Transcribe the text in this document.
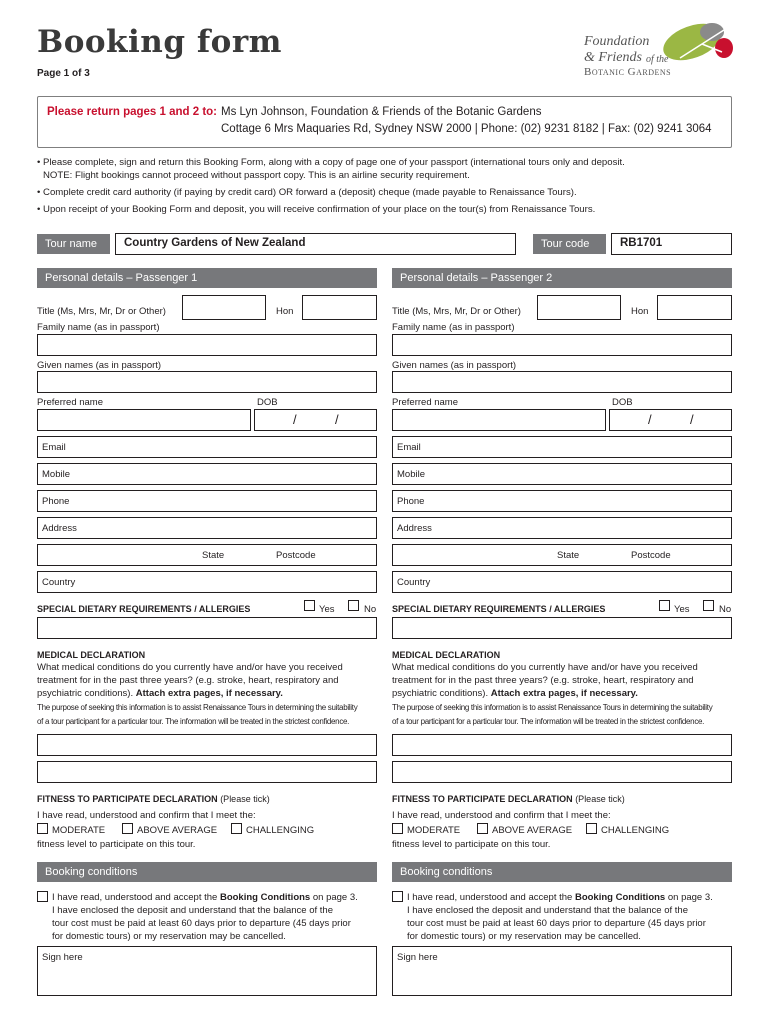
Booking form
Page 1 of 3
Foundation
& Friends of the
Botanic Gardens
Please return pages 1 and 2 to: Ms Lyn Johnson, Foundation & Friends of the Botanic Gardens
Cottage 6 Mrs Maquaries Rd, Sydney NSW 2000 | Phone: (02) 9231 8182 | Fax: (02) 9241 3064
• Please complete, sign and return this Booking Form, along with a copy of page one of your passport (international tours only and deposit.
NOTE: Flight bookings cannot proceed without passport copy. This is an airline security requirement.
• Complete credit card authority (if paying by credit card) OR forward a (deposit) cheque (made payable to Renaissance Tours).
• Upon receipt of your Booking Form and deposit, you will receive confirmation of your place on the tour(s) from Renaissance Tours.
Tour name	Country Gardens of New Zealand	Tour code	RB1701
Personal details – Passenger 1
Title (Ms, Mrs, Mr, Dr or Other)	Hon
Family name (as in passport)
Given names (as in passport)
Preferred name	DOB
/	/
Email
Mobile
Phone
Address
State	Postcode
Country
SPECIAL DIETARY REQUIREMENTS / ALLERGIES	Yes	No
MEDICAL DECLARATION
What medical conditions do you currently have and/or have you received
treatment for in the past three years? (e.g. stroke, heart, respiratory and
psychiatric conditions). Attach extra pages, if necessary.
The purpose of seeking this information is to assist Renaissance Tours in determining the suitability
of a tour participant for a particular tour. The information will be treated in the strictest confidence.
FITNESS TO PARTICIPATE DECLARATION (Please tick)
I have read, understood and confirm that I meet the:
MODERATE	ABOVE AVERAGE	CHALLENGING
fitness level to participate on this tour.
Booking conditions
I have read, understood and accept the Booking Conditions on page 3.
I have enclosed the deposit and understand that the balance of the
tour cost must be paid at least 60 days prior to departure (45 days prior
for domestic tours) or my reservation may be cancelled.
Sign here
Personal details – Passenger 2
Title (Ms, Mrs, Mr, Dr or Other)	Hon
Family name (as in passport)
Given names (as in passport)
Preferred name	DOB
/	/
Email
Mobile
Phone
Address
State	Postcode
Country
SPECIAL DIETARY REQUIREMENTS / ALLERGIES	Yes	No
MEDICAL DECLARATION
What medical conditions do you currently have and/or have you received
treatment for in the past three years? (e.g. stroke, heart, respiratory and
psychiatric conditions). Attach extra pages, if necessary.
The purpose of seeking this information is to assist Renaissance Tours in determining the suitability
of a tour participant for a particular tour. The information will be treated in the strictest confidence.
FITNESS TO PARTICIPATE DECLARATION (Please tick)
I have read, understood and confirm that I meet the:
MODERATE	ABOVE AVERAGE	CHALLENGING
fitness level to participate on this tour.
Booking conditions
I have read, understood and accept the Booking Conditions on page 3.
I have enclosed the deposit and understand that the balance of the
tour cost must be paid at least 60 days prior to departure (45 days prior
for domestic tours) or my reservation may be cancelled.
Sign here
